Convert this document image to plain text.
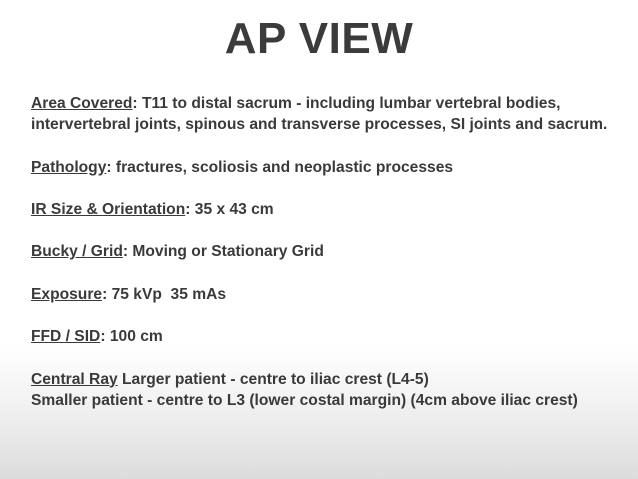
AP VIEW

Area Covered: T11 to distal sacrum - including lumbar vertebral bodies, intervertebral joints, spinous and transverse processes, SI joints and sacrum.

Pathology: fractures, scoliosis and neoplastic processes

IR Size & Orientation: 35 x 43 cm

Bucky / Grid: Moving or Stationary Grid

Exposure: 75 kVp  35 mAs

FFD / SID: 100 cm

Central Ray Larger patient - centre to iliac crest (L4-5)
Smaller patient - centre to L3 (lower costal margin) (4cm above iliac crest)
